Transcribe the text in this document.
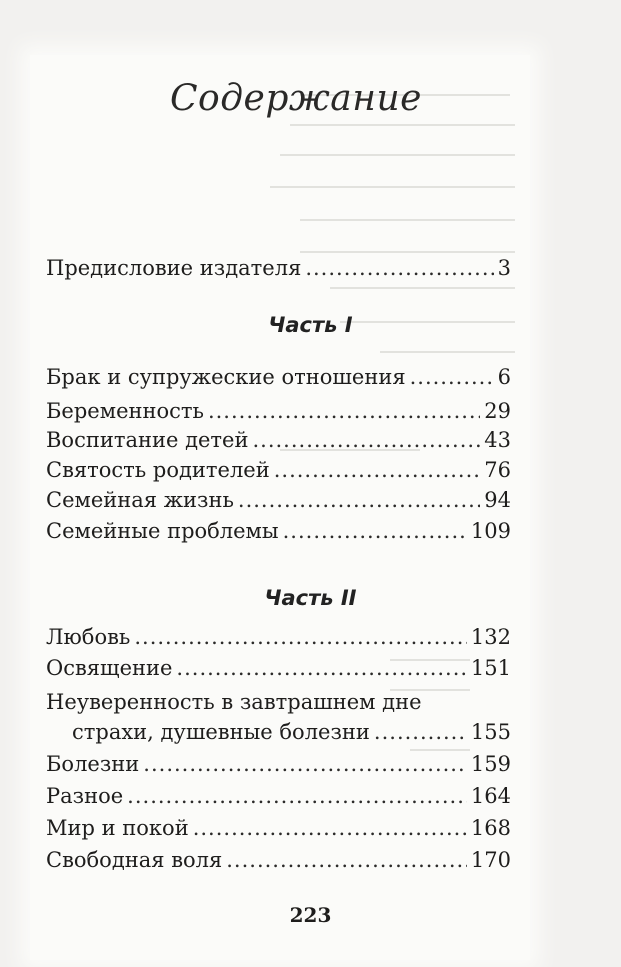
Содержание
Предисловие издателя .....	3
Часть I
Брак и супружеские отношения .....	6
Беременность .....	29
Воспитание детей .....	43
Святость родителей .....	76
Семейная жизнь .....	94
Семейные проблемы .....	109
Часть II
Любовь .....	132
Освящение .....	151
Неуверенность в завтрашнем дне
страхи, душевные болезни .....	155
Болезни .....	159
Разное .....	164
Мир и покой .....	168
Свободная воля .....	170
223
